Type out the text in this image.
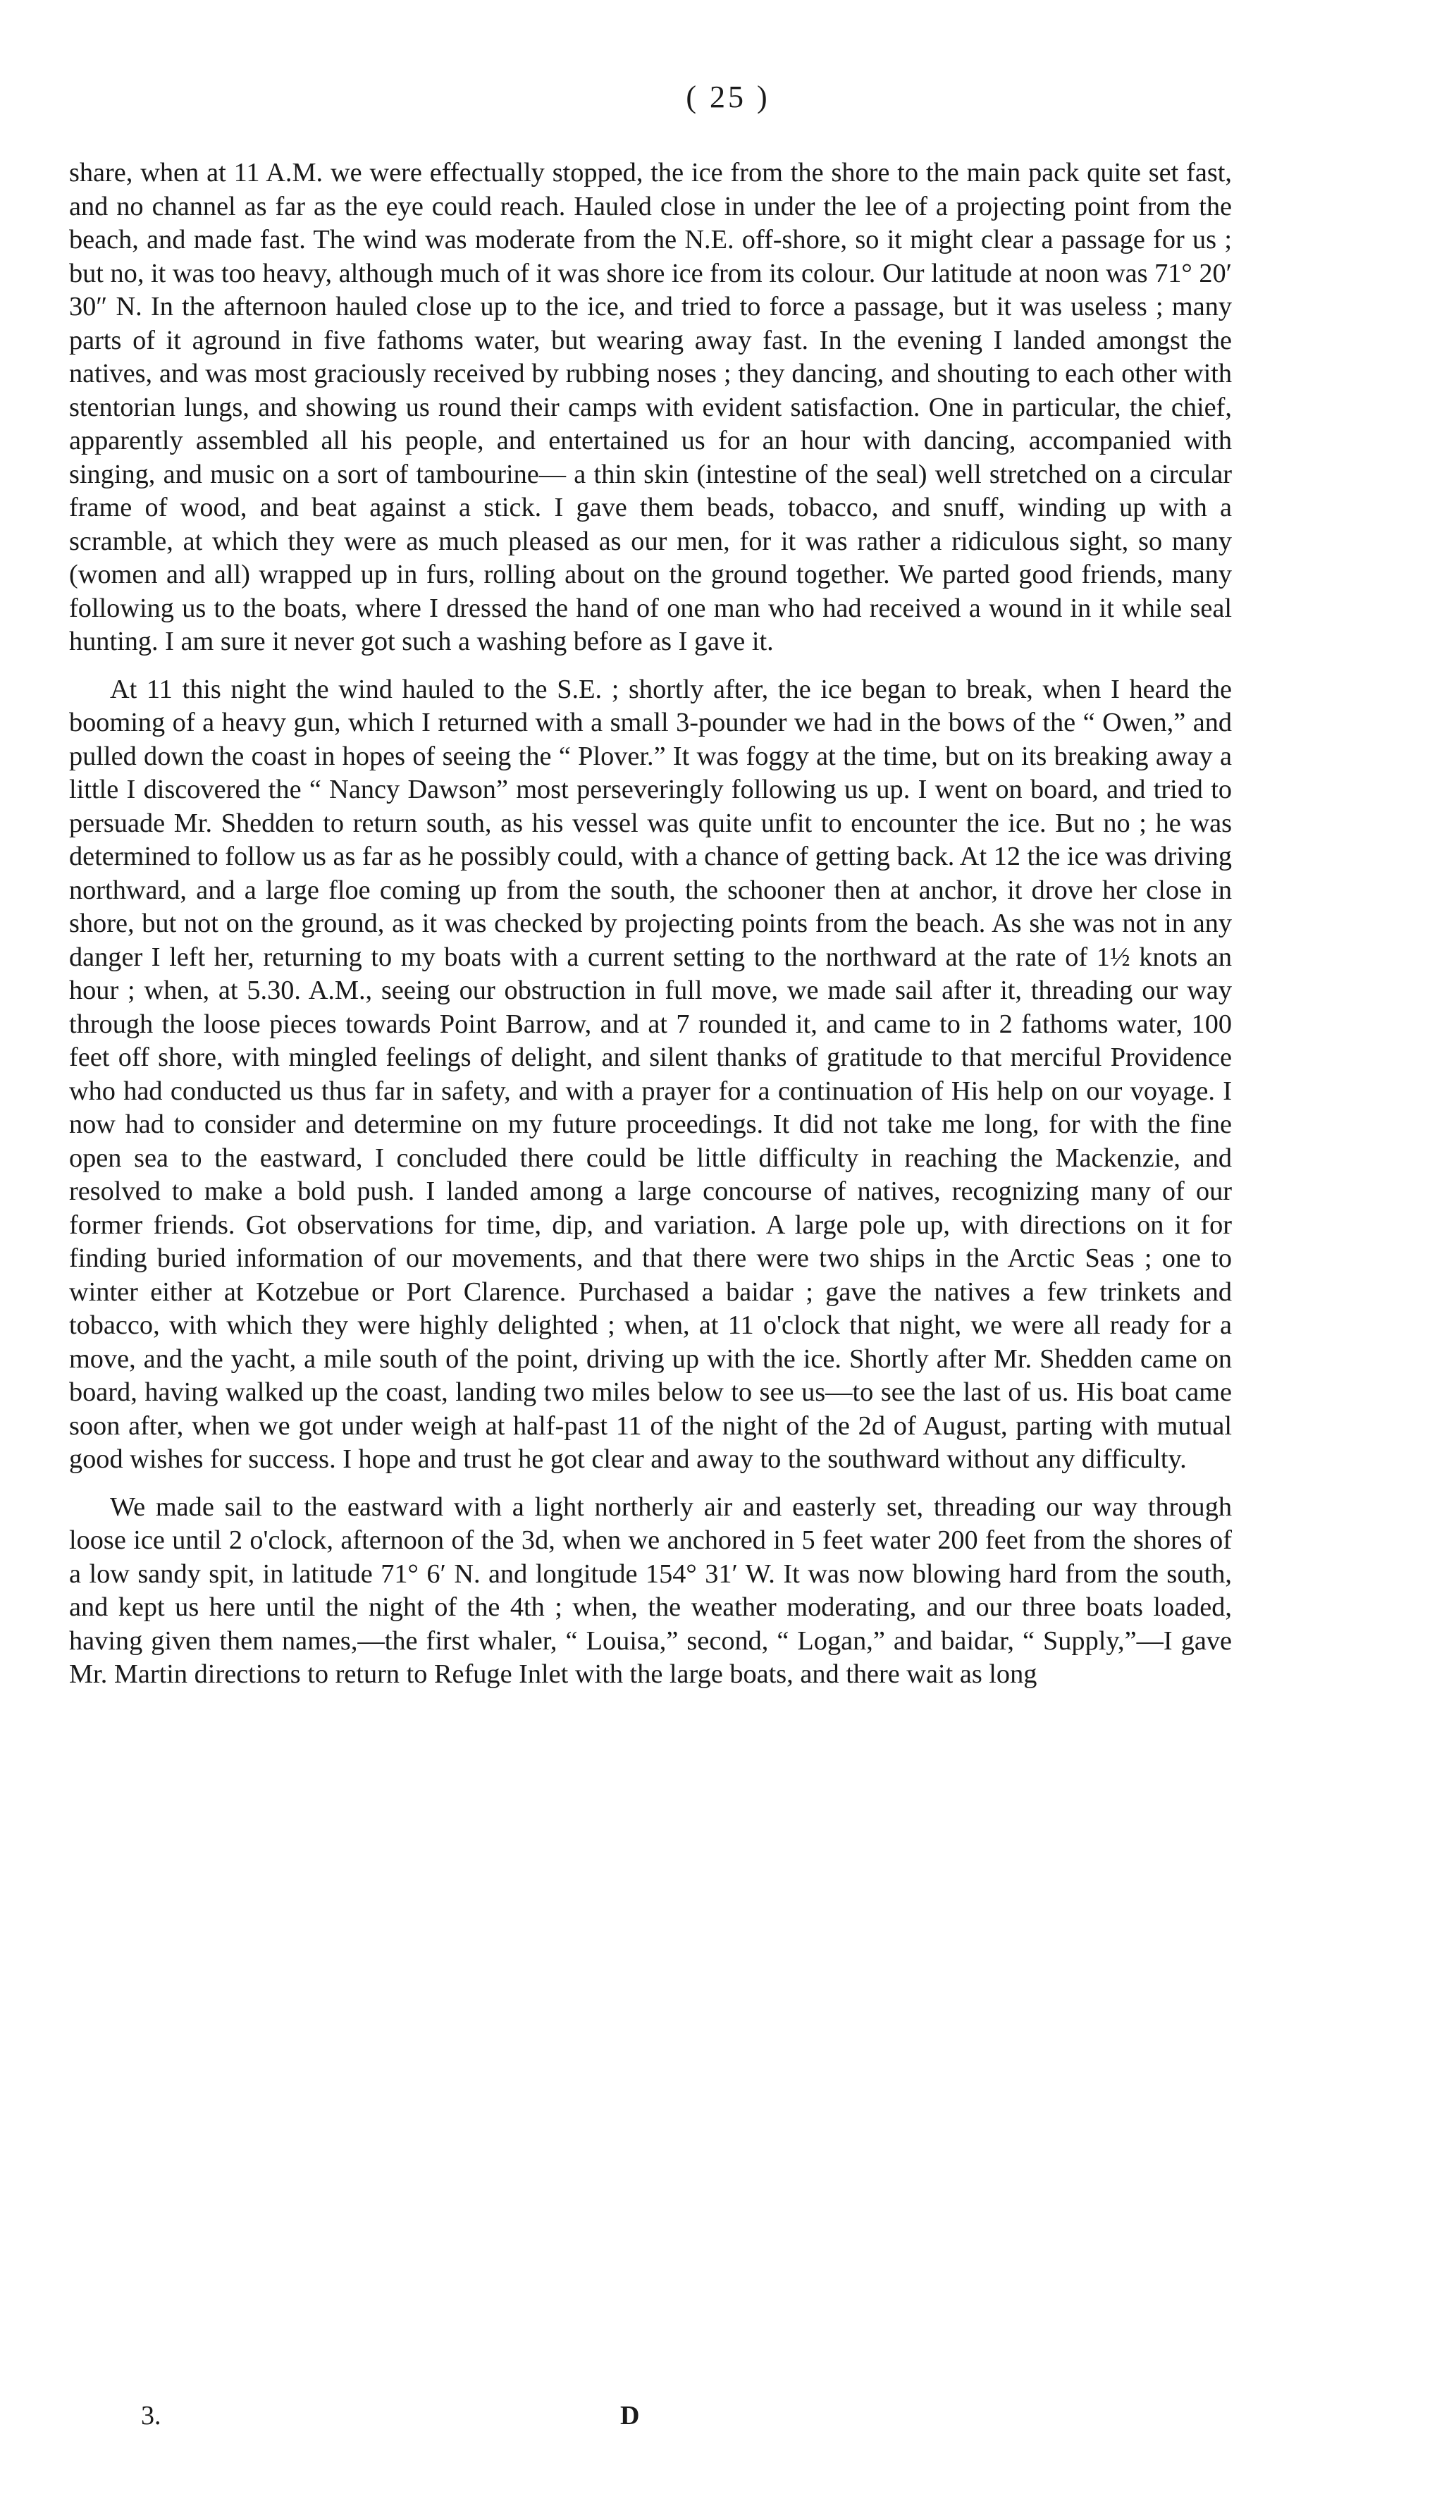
( 25 )

share, when at 11 A.M. we were effectually stopped, the ice from the shore to the main pack quite set fast, and no channel as far as the eye could reach. Hauled close in under the lee of a projecting point from the beach, and made fast. The wind was moderate from the N.E. off-shore, so it might clear a passage for us ; but no, it was too heavy, although much of it was shore ice from its colour. Our latitude at noon was 71° 20′ 30″ N. In the afternoon hauled close up to the ice, and tried to force a passage, but it was useless ; many parts of it aground in five fathoms water, but wearing away fast. In the evening I landed amongst the natives, and was most graciously received by rubbing noses ; they dancing, and shouting to each other with stentorian lungs, and showing us round their camps with evident satisfaction. One in particular, the chief, apparently assembled all his people, and entertained us for an hour with dancing, accompanied with singing, and music on a sort of tambourine— a thin skin (intestine of the seal) well stretched on a circular frame of wood, and beat against a stick. I gave them beads, tobacco, and snuff, winding up with a scramble, at which they were as much pleased as our men, for it was rather a ridiculous sight, so many (women and all) wrapped up in furs, rolling about on the ground together. We parted good friends, many following us to the boats, where I dressed the hand of one man who had received a wound in it while seal hunting. I am sure it never got such a washing before as I gave it.

At 11 this night the wind hauled to the S.E. ; shortly after, the ice began to break, when I heard the booming of a heavy gun, which I returned with a small 3-pounder we had in the bows of the “ Owen,” and pulled down the coast in hopes of seeing the “ Plover.” It was foggy at the time, but on its breaking away a little I discovered the “ Nancy Dawson” most perseveringly following us up. I went on board, and tried to persuade Mr. Shedden to return south, as his vessel was quite unfit to encounter the ice. But no ; he was determined to follow us as far as he possibly could, with a chance of getting back. At 12 the ice was driving northward, and a large floe coming up from the south, the schooner then at anchor, it drove her close in shore, but not on the ground, as it was checked by projecting points from the beach. As she was not in any danger I left her, returning to my boats with a current setting to the northward at the rate of 1½ knots an hour ; when, at 5.30. A.M., seeing our obstruction in full move, we made sail after it, threading our way through the loose pieces towards Point Barrow, and at 7 rounded it, and came to in 2 fathoms water, 100 feet off shore, with mingled feelings of delight, and silent thanks of gratitude to that merciful Providence who had conducted us thus far in safety, and with a prayer for a continuation of His help on our voyage. I now had to consider and determine on my future proceedings. It did not take me long, for with the fine open sea to the eastward, I concluded there could be little difficulty in reaching the Mackenzie, and resolved to make a bold push. I landed among a large concourse of natives, recognizing many of our former friends. Got observations for time, dip, and variation. A large pole up, with directions on it for finding buried information of our movements, and that there were two ships in the Arctic Seas ; one to winter either at Kotzebue or Port Clarence. Purchased a baidar ; gave the natives a few trinkets and tobacco, with which they were highly delighted ; when, at 11 o'clock that night, we were all ready for a move, and the yacht, a mile south of the point, driving up with the ice. Shortly after Mr. Shedden came on board, having walked up the coast, landing two miles below to see us—to see the last of us. His boat came soon after, when we got under weigh at half-past 11 of the night of the 2d of August, parting with mutual good wishes for success. I hope and trust he got clear and away to the southward without any difficulty.

We made sail to the eastward with a light northerly air and easterly set, threading our way through loose ice until 2 o'clock, afternoon of the 3d, when we anchored in 5 feet water 200 feet from the shores of a low sandy spit, in latitude 71° 6′ N. and longitude 154° 31′ W. It was now blowing hard from the south, and kept us here until the night of the 4th ; when, the weather moderating, and our three boats loaded, having given them names,—the first whaler, “ Louisa,” second, “ Logan,” and baidar, “ Supply,”—I gave Mr. Martin directions to return to Refuge Inlet with the large boats, and there wait as long

3.	D
